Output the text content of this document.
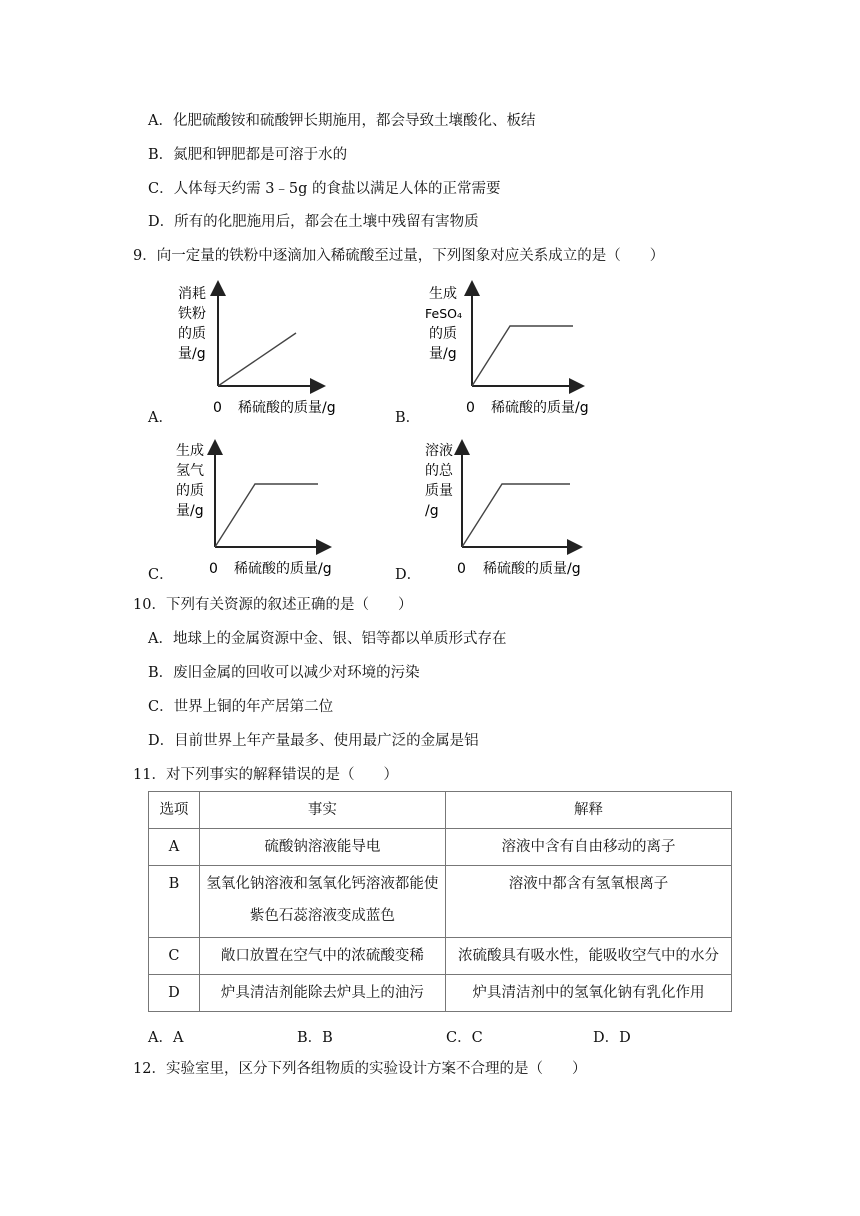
A．化肥硫酸铵和硫酸钾长期施用，都会导致土壤酸化、板结
B．氮肥和钾肥都是可溶于水的
C．人体每天约需 3﹣5g 的食盐以满足人体的正常需要
D．所有的化肥施用后，都会在土壤中残留有害物质
9．向一定量的铁粉中逐滴加入稀硫酸至过量，下列图象对应关系成立的是（　　）
A．
消耗
铁粉
的质
量/g
0 稀硫酸的质量/g
B．
生成
FeSO₄
的质
量/g
0 稀硫酸的质量/g
C．
生成
氢气
的质
量/g
0 稀硫酸的质量/g	D．
溶液
的总
质量
/g
0 稀硫酸的质量/g
10．下列有关资源的叙述正确的是（　　）
A．地球上的金属资源中金、银、铝等都以单质形式存在
B．废旧金属的回收可以减少对环境的污染
C．世界上铜的年产居第二位
D．目前世界上年产量最多、使用最广泛的金属是铝
11．对下列事实的解释错误的是（　　）
选项	事实	解释
A	硫酸钠溶液能导电	溶液中含有自由移动的离子
B	氢氧化钠溶液和氢氧化钙溶液都能使
紫色石蕊溶液变成蓝色	溶液中都含有氢氧根离子
C	敞口放置在空气中的浓硫酸变稀	浓硫酸具有吸水性，能吸收空气中的水分
D	炉具清洁剂能除去炉具上的油污	炉具清洁剂中的氢氧化钠有乳化作用
A．A	B．B	C．C	D．D
12．实验室里，区分下列各组物质的实验设计方案不合理的是（　　）
